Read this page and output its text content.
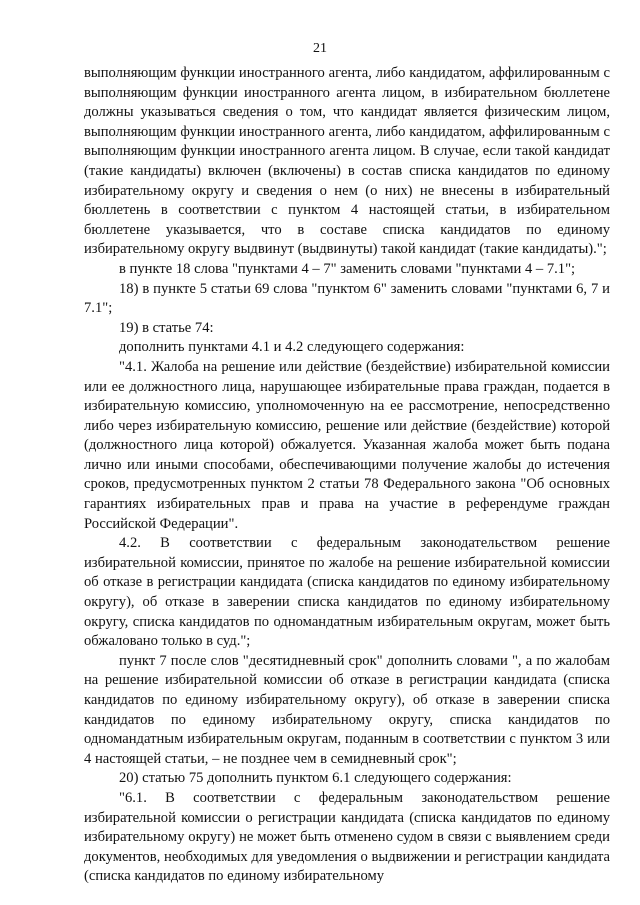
21

выполняющим функции иностранного агента, либо кандидатом, аффилированным с выполняющим функции иностранного агента лицом, в избирательном бюллетене должны указываться сведения о том, что кандидат является физическим лицом, выполняющим функции иностранного агента, либо кандидатом, аффилированным с выполняющим функции иностранного агента лицом. В случае, если такой кандидат (такие кандидаты) включен (включены) в состав списка кандидатов по единому избирательному округу и сведения о нем (о них) не внесены в избирательный бюллетень в соответствии с пунктом 4 настоящей статьи, в избирательном бюллетене указывается, что в составе списка кандидатов по единому избирательному округу выдвинут (выдвинуты) такой кандидат (такие кандидаты).";

в пункте 18 слова "пунктами 4 – 7" заменить словами "пунктами 4 – 7.1";

18) в пункте 5 статьи 69 слова "пунктом 6" заменить словами "пунктами 6, 7 и 7.1";

19) в статье 74:

дополнить пунктами 4.1 и 4.2 следующего содержания:

"4.1. Жалоба на решение или действие (бездействие) избирательной комиссии или ее должностного лица, нарушающее избирательные права граждан, подается в избирательную комиссию, уполномоченную на ее рассмотрение, непосредственно либо через избирательную комиссию, решение или действие (бездействие) которой (должностного лица которой) обжалуется. Указанная жалоба может быть подана лично или иными способами, обеспечивающими получение жалобы до истечения сроков, предусмотренных пунктом 2 статьи 78 Федерального закона "Об основных гарантиях избирательных прав и права на участие в референдуме граждан Российской Федерации".

4.2. В соответствии с федеральным законодательством решение избирательной комиссии, принятое по жалобе на решение избирательной комиссии об отказе в регистрации кандидата (списка кандидатов по единому избирательному округу), об отказе в заверении списка кандидатов по единому избирательному округу, списка кандидатов по одномандатным избирательным округам, может быть обжаловано только в суд.";

пункт 7 после слов "десятидневный срок" дополнить словами ", а по жалобам на решение избирательной комиссии об отказе в регистрации кандидата (списка кандидатов по единому избирательному округу), об отказе в заверении списка кандидатов по единому избирательному округу, списка кандидатов по одномандатным избирательным округам, поданным в соответствии с пунктом 3 или 4 настоящей статьи, – не позднее чем в семидневный срок";

20) статью 75 дополнить пунктом 6.1 следующего содержания:

"6.1. В соответствии с федеральным законодательством решение избирательной комиссии о регистрации кандидата (списка кандидатов по единому избирательному округу) не может быть отменено судом в связи с выявлением среди документов, необходимых для уведомления о выдвижении и регистрации кандидата (списка кандидатов по единому избирательному
